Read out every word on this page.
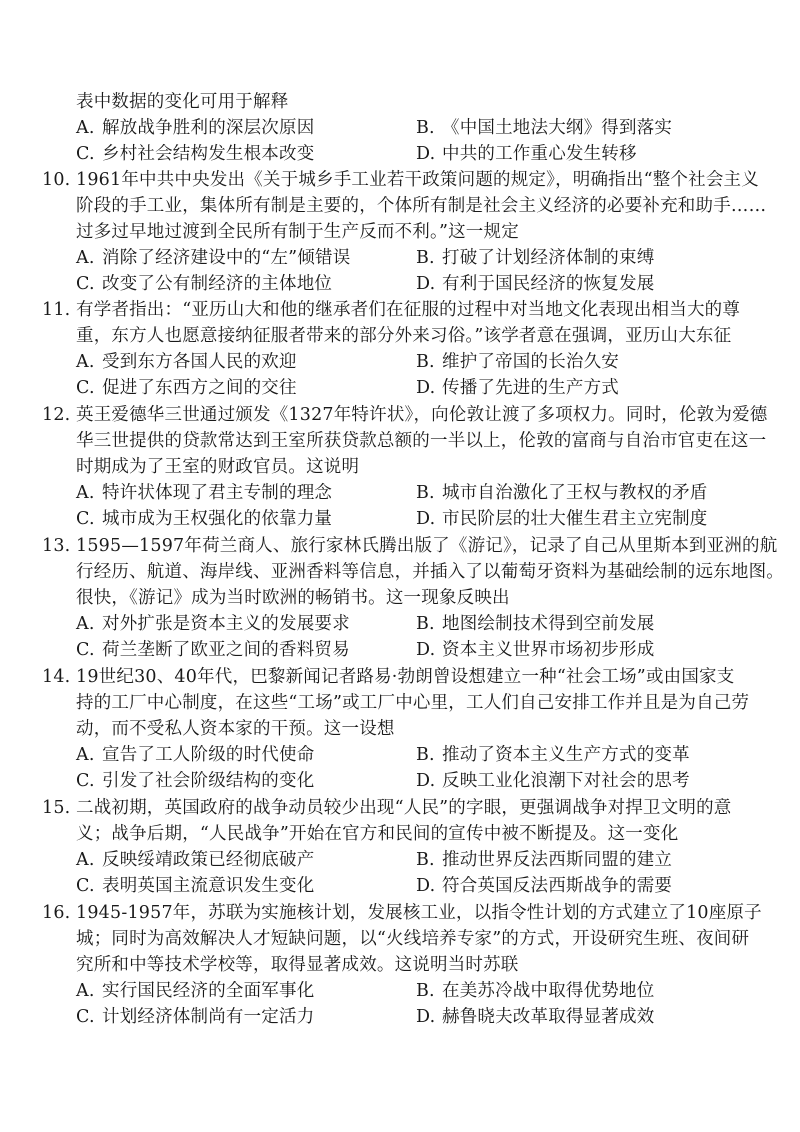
表中数据的变化可用于解释
A. 解放战争胜利的深层次原因	B. 《中国土地法大纲》得到落实
C. 乡村社会结构发生根本改变	D. 中共的工作重心发生转移
10. 1961年中共中央发出《关于城乡手工业若干政策问题的规定》，明确指出“整个社会主义
阶段的手工业，集体所有制是主要的，个体所有制是社会主义经济的必要补充和助手……
过多过早地过渡到全民所有制于生产反而不利。”这一规定
A. 消除了经济建设中的“左”倾错误	B. 打破了计划经济体制的束缚
C. 改变了公有制经济的主体地位	D. 有利于国民经济的恢复发展
11. 有学者指出：“亚历山大和他的继承者们在征服的过程中对当地文化表现出相当大的尊
重，东方人也愿意接纳征服者带来的部分外来习俗。”该学者意在强调，亚历山大东征
A. 受到东方各国人民的欢迎	B. 维护了帝国的长治久安
C. 促进了东西方之间的交往	D. 传播了先进的生产方式
12. 英王爱德华三世通过颁发《1327年特许状》，向伦敦让渡了多项权力。同时，伦敦为爱德
华三世提供的贷款常达到王室所获贷款总额的一半以上，伦敦的富商与自治市官吏在这一
时期成为了王室的财政官员。这说明
A. 特许状体现了君主专制的理念	B. 城市自治激化了王权与教权的矛盾
C. 城市成为王权强化的依靠力量	D. 市民阶层的壮大催生君主立宪制度
13. 1595—1597年荷兰商人、旅行家林氏腾出版了《游记》，记录了自己从里斯本到亚洲的航
行经历、航道、海岸线、亚洲香料等信息，并插入了以葡萄牙资料为基础绘制的远东地图。
很快，《游记》成为当时欧洲的畅销书。这一现象反映出
A. 对外扩张是资本主义的发展要求	B. 地图绘制技术得到空前发展
C. 荷兰垄断了欧亚之间的香料贸易	D. 资本主义世界市场初步形成
14. 19世纪30、40年代，巴黎新闻记者路易·勃朗曾设想建立一种“社会工场”或由国家支
持的工厂中心制度，在这些“工场”或工厂中心里，工人们自己安排工作并且是为自己劳
动，而不受私人资本家的干预。这一设想
A. 宣告了工人阶级的时代使命	B. 推动了资本主义生产方式的变革
C. 引发了社会阶级结构的变化	D. 反映工业化浪潮下对社会的思考
15. 二战初期，英国政府的战争动员较少出现“人民”的字眼，更强调战争对捍卫文明的意
义；战争后期，“人民战争”开始在官方和民间的宣传中被不断提及。这一变化
A. 反映绥靖政策已经彻底破产	B. 推动世界反法西斯同盟的建立
C. 表明英国主流意识发生变化	D. 符合英国反法西斯战争的需要
16. 1945-1957年，苏联为实施核计划，发展核工业，以指令性计划的方式建立了10座原子
城；同时为高效解决人才短缺问题，以“火线培养专家”的方式，开设研究生班、夜间研
究所和中等技术学校等，取得显著成效。这说明当时苏联
A. 实行国民经济的全面军事化	B. 在美苏冷战中取得优势地位
C. 计划经济体制尚有一定活力	D. 赫鲁晓夫改革取得显著成效
